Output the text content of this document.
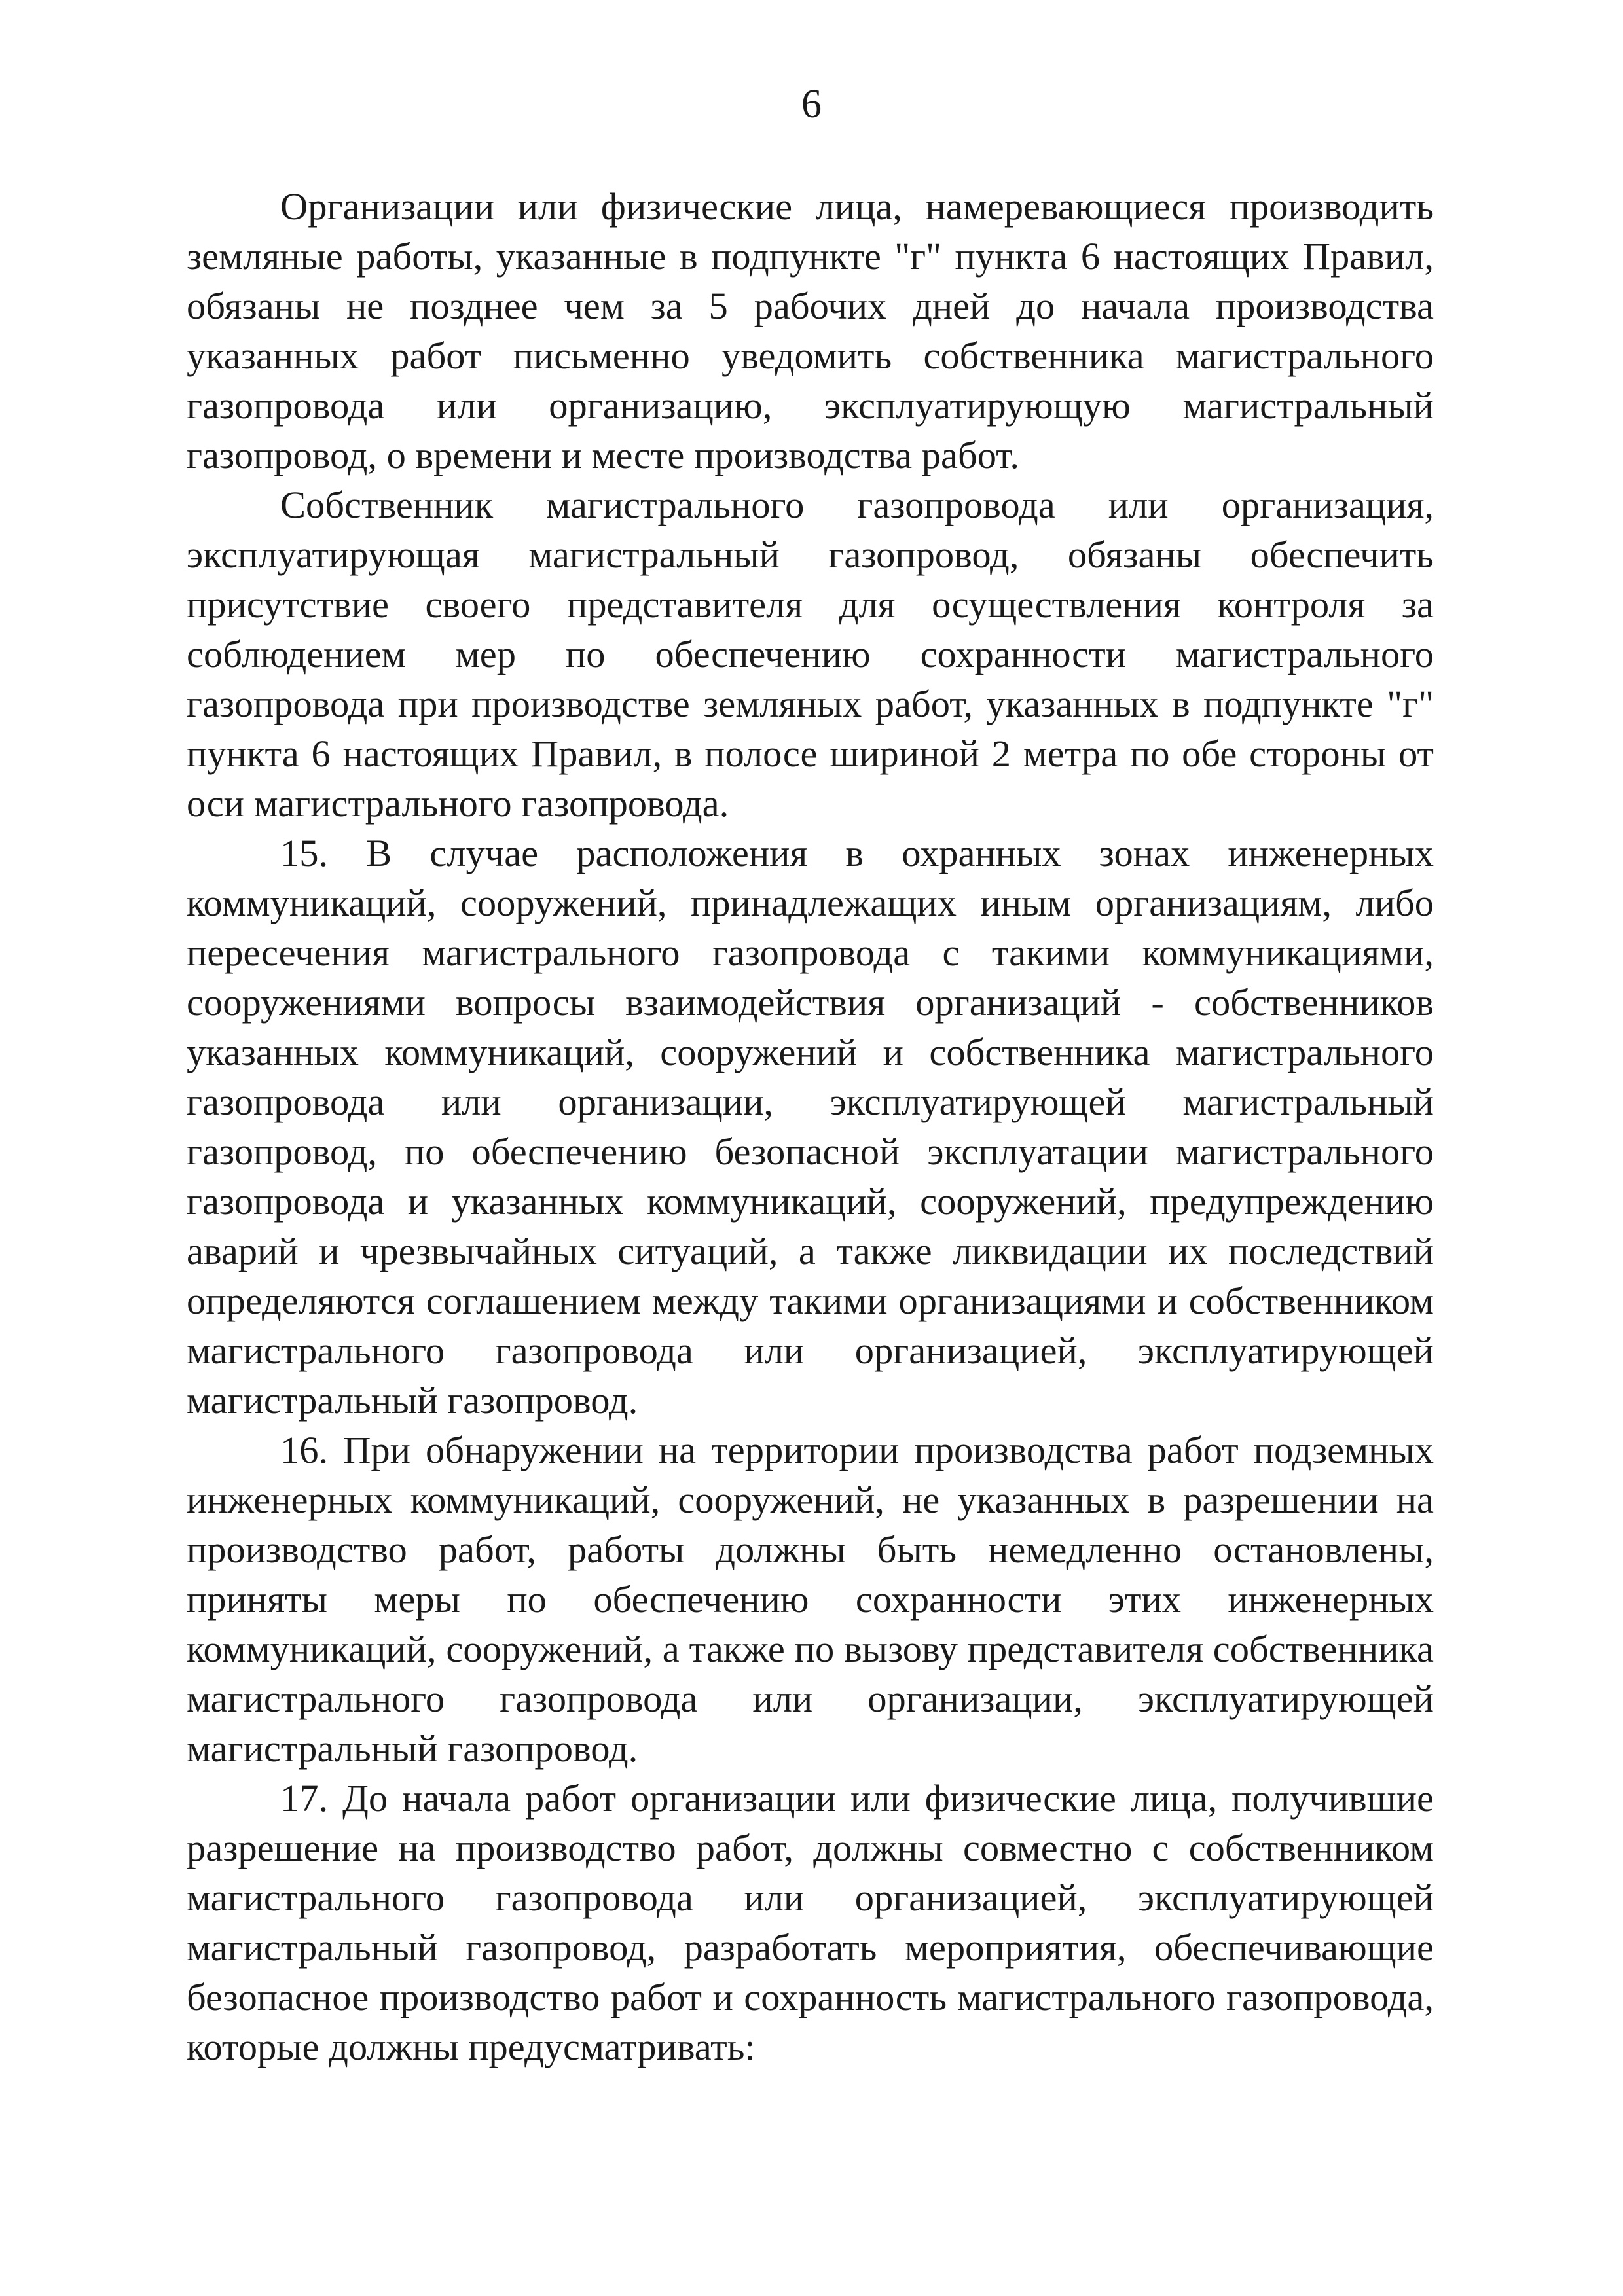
6

Организации или физические лица, намеревающиеся производить земляные работы, указанные в подпункте "г" пункта 6 настоящих Правил, обязаны не позднее чем за 5 рабочих дней до начала производства указанных работ письменно уведомить собственника магистрального газопровода или организацию, эксплуатирующую магистральный газопровод, о времени и месте производства работ.

Собственник магистрального газопровода или организация, эксплуатирующая магистральный газопровод, обязаны обеспечить присутствие своего представителя для осуществления контроля за соблюдением мер по обеспечению сохранности магистрального газопровода при производстве земляных работ, указанных в подпункте "г" пункта 6 настоящих Правил, в полосе шириной 2 метра по обе стороны от оси магистрального газопровода.

15. В случае расположения в охранных зонах инженерных коммуникаций, сооружений, принадлежащих иным организациям, либо пересечения магистрального газопровода с такими коммуникациями, сооружениями вопросы взаимодействия организаций - собственников указанных коммуникаций, сооружений и собственника магистрального газопровода или организации, эксплуатирующей магистральный газопровод, по обеспечению безопасной эксплуатации магистрального газопровода и указанных коммуникаций, сооружений, предупреждению аварий и чрезвычайных ситуаций, а также ликвидации их последствий определяются соглашением между такими организациями и собственником магистрального газопровода или организацией, эксплуатирующей магистральный газопровод.

16. При обнаружении на территории производства работ подземных инженерных коммуникаций, сооружений, не указанных в разрешении на производство работ, работы должны быть немедленно остановлены, приняты меры по обеспечению сохранности этих инженерных коммуникаций, сооружений, а также по вызову представителя собственника магистрального газопровода или организации, эксплуатирующей магистральный газопровод.

17. До начала работ организации или физические лица, получившие разрешение на производство работ, должны совместно с собственником магистрального газопровода или организацией, эксплуатирующей магистральный газопровод, разработать мероприятия, обеспечивающие безопасное производство работ и сохранность магистрального газопровода, которые должны предусматривать:
